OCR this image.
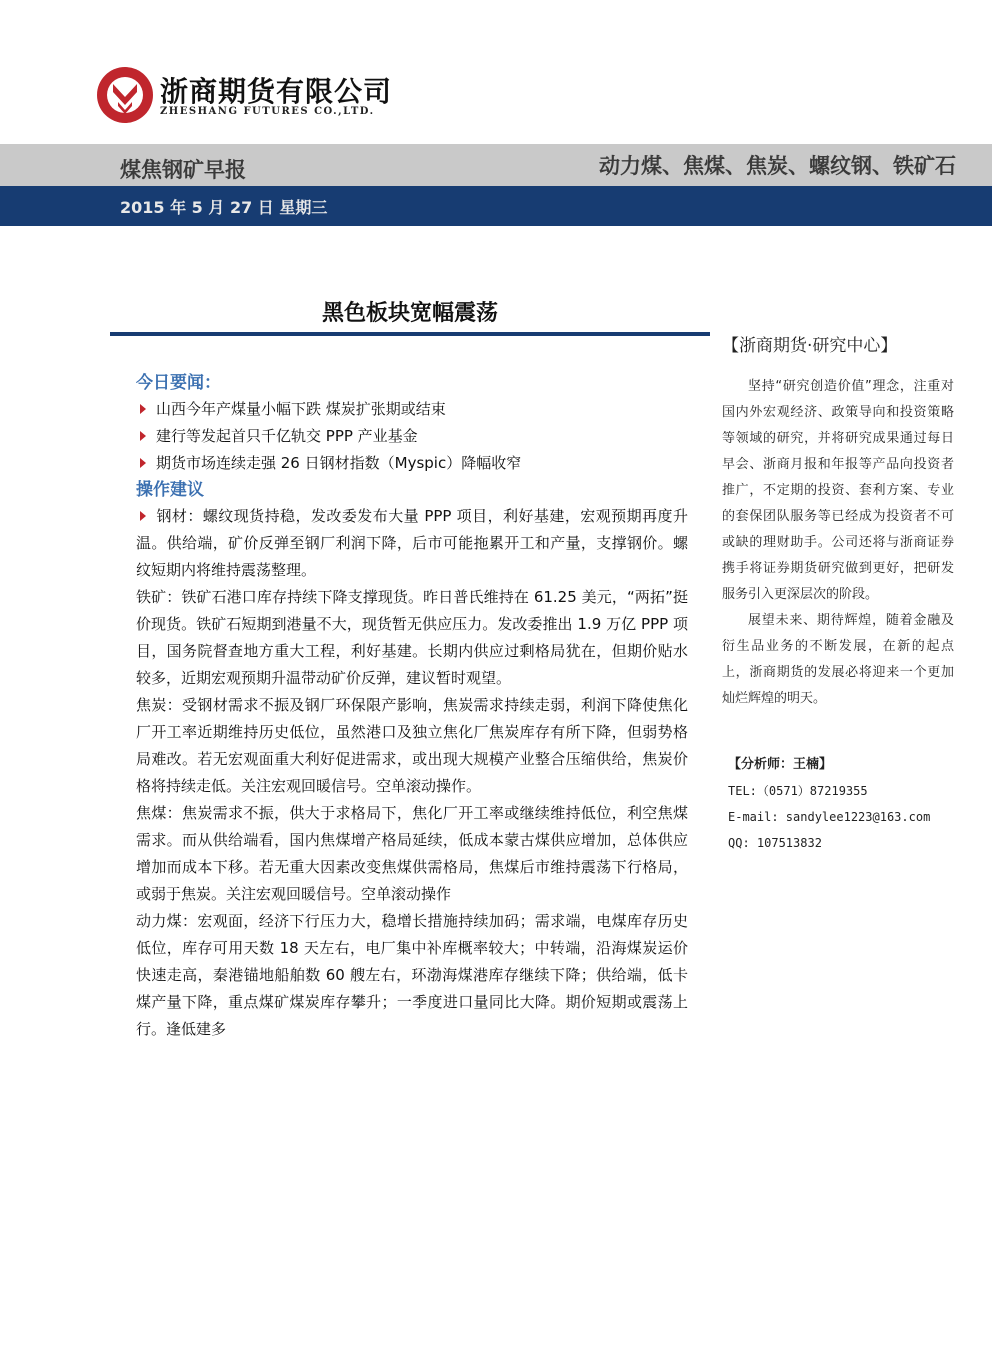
浙商期货有限公司
ZHESHANG FUTURES CO.,LTD.
煤焦钢矿早报	动力煤、焦煤、焦炭、螺纹钢、铁矿石
2015 年 5 月 27 日 星期三
黑色板块宽幅震荡
今日要闻：
山西今年产煤量小幅下跌 煤炭扩张期或结束
建行等发起首只千亿轨交 PPP 产业基金
期货市场连续走强 26 日钢材指数（Myspic）降幅收窄
操作建议

钢材：螺纹现货持稳，发改委发布大量 PPP 项目，利好基建，宏观预期再度升温。供给端，矿价反弹至钢厂利润下降，后市可能拖累开工和产量，支撑钢价。螺纹短期内将维持震荡整理。

铁矿：铁矿石港口库存持续下降支撑现货。昨日普氏维持在 61.25 美元，“两拓”挺价现货。铁矿石短期到港量不大，现货暂无供应压力。发改委推出 1.9 万亿 PPP 项目，国务院督查地方重大工程，利好基建。长期内供应过剩格局犹在，但期价贴水较多，近期宏观预期升温带动矿价反弹，建议暂时观望。

焦炭：受钢材需求不振及钢厂环保限产影响，焦炭需求持续走弱，利润下降使焦化厂开工率近期维持历史低位，虽然港口及独立焦化厂焦炭库存有所下降，但弱势格局难改。若无宏观面重大利好促进需求，或出现大规模产业整合压缩供给，焦炭价格将持续走低。关注宏观回暖信号。空单滚动操作。

焦煤：焦炭需求不振，供大于求格局下，焦化厂开工率或继续维持低位，利空焦煤需求。而从供给端看，国内焦煤增产格局延续，低成本蒙古煤供应增加，总体供应增加而成本下移。若无重大因素改变焦煤供需格局，焦煤后市维持震荡下行格局，或弱于焦炭。关注宏观回暖信号。空单滚动操作

动力煤：宏观面，经济下行压力大，稳增长措施持续加码；需求端，电煤库存历史低位，库存可用天数 18 天左右，电厂集中补库概率较大；中转端，沿海煤炭运价快速走高，秦港锚地船舶数 60 艘左右，环渤海煤港库存继续下降；供给端，低卡煤产量下降，重点煤矿煤炭库存攀升；一季度进口量同比大降。期价短期或震荡上行。逢低建多

【浙商期货·研究中心】

坚持“研究创造价值”理念，注重对国内外宏观经济、政策导向和投资策略等领域的研究，并将研究成果通过每日早会、浙商月报和年报等产品向投资者推广，不定期的投资、套利方案、专业的套保团队服务等已经成为投资者不可或缺的理财助手。公司还将与浙商证券携手将证券期货研究做到更好，把研发服务引入更深层次的阶段。

展望未来、期待辉煌，随着金融及衍生品业务的不断发展，在新的起点上，浙商期货的发展必将迎来一个更加灿烂辉煌的明天。

【分析师：王楠】
TEL:（0571）87219355
E-mail: sandylee1223@163.com
QQ: 107513832
